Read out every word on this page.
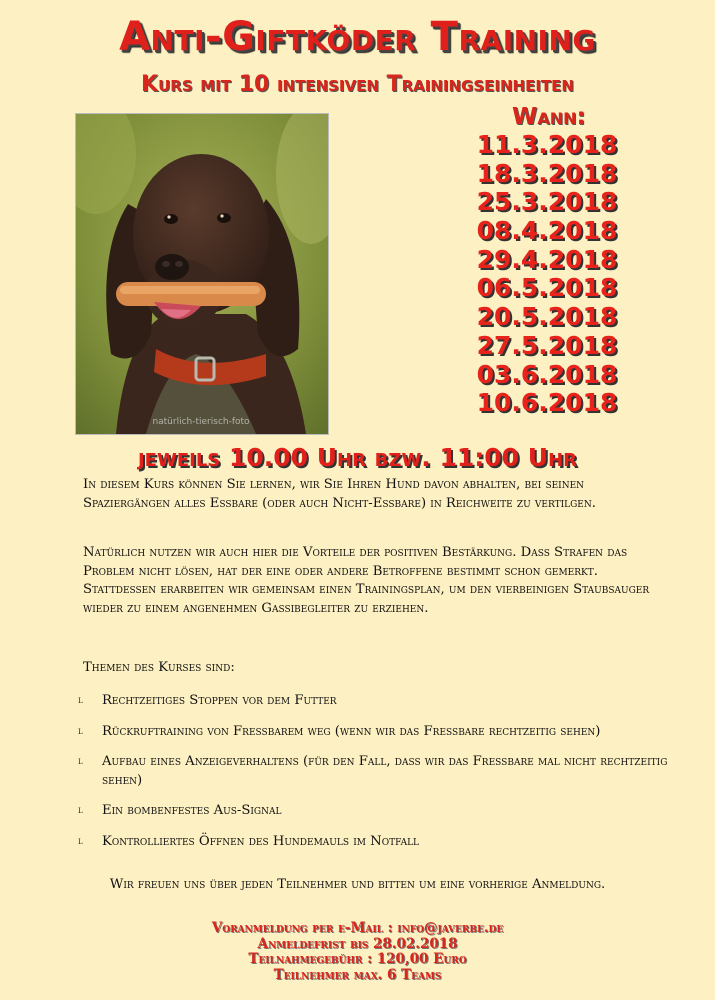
Anti-Giftköder Training
Kurs mit 10 intensiven Trainingseinheiten
natürlich-tierisch-foto
Wann:
11.3.2018
18.3.2018
25.3.2018
08.4.2018
29.4.2018
06.5.2018
20.5.2018
27.5.2018
03.6.2018
10.6.2018
jeweils 10.00 Uhr bzw. 11:00 Uhr

In diesem Kurs können Sie lernen, wir Sie Ihren Hund davon abhalten, bei seinen Spaziergängen alles Essbare (oder auch Nicht-Essbare) in Reichweite zu vertilgen.

Natürlich nutzen wir auch hier die Vorteile der positiven Bestärkung. Dass Strafen das Problem nicht lösen, hat der eine oder andere Betroffene bestimmt schon gemerkt. Stattdessen erarbeiten wir gemeinsam einen Trainingsplan, um den vierbeinigen Staubsauger wieder zu einem angenehmen Gassibegleiter zu erziehen.

Themen des Kurses sind:

l Rechtzeitiges Stoppen vor dem Futter
l Rückruftraining von Fressbarem weg (wenn wir das Fressbare rechtzeitig sehen)
l Aufbau eines Anzeigeverhaltens (für den Fall, dass wir das Fressbare mal nicht rechtzeitig sehen)
l Ein bombenfestes Aus-Signal
l Kontrolliertes Öffnen des Hundemauls im Notfall

Wir freuen uns über jeden Teilnehmer und bitten um eine vorherige Anmeldung.

Voranmeldung per e-Mail : info@javerbe.de
Anmeldefrist bis 28.02.2018
Teilnahmegebühr : 120,00 Euro
Teilnehmer max. 6 Teams
